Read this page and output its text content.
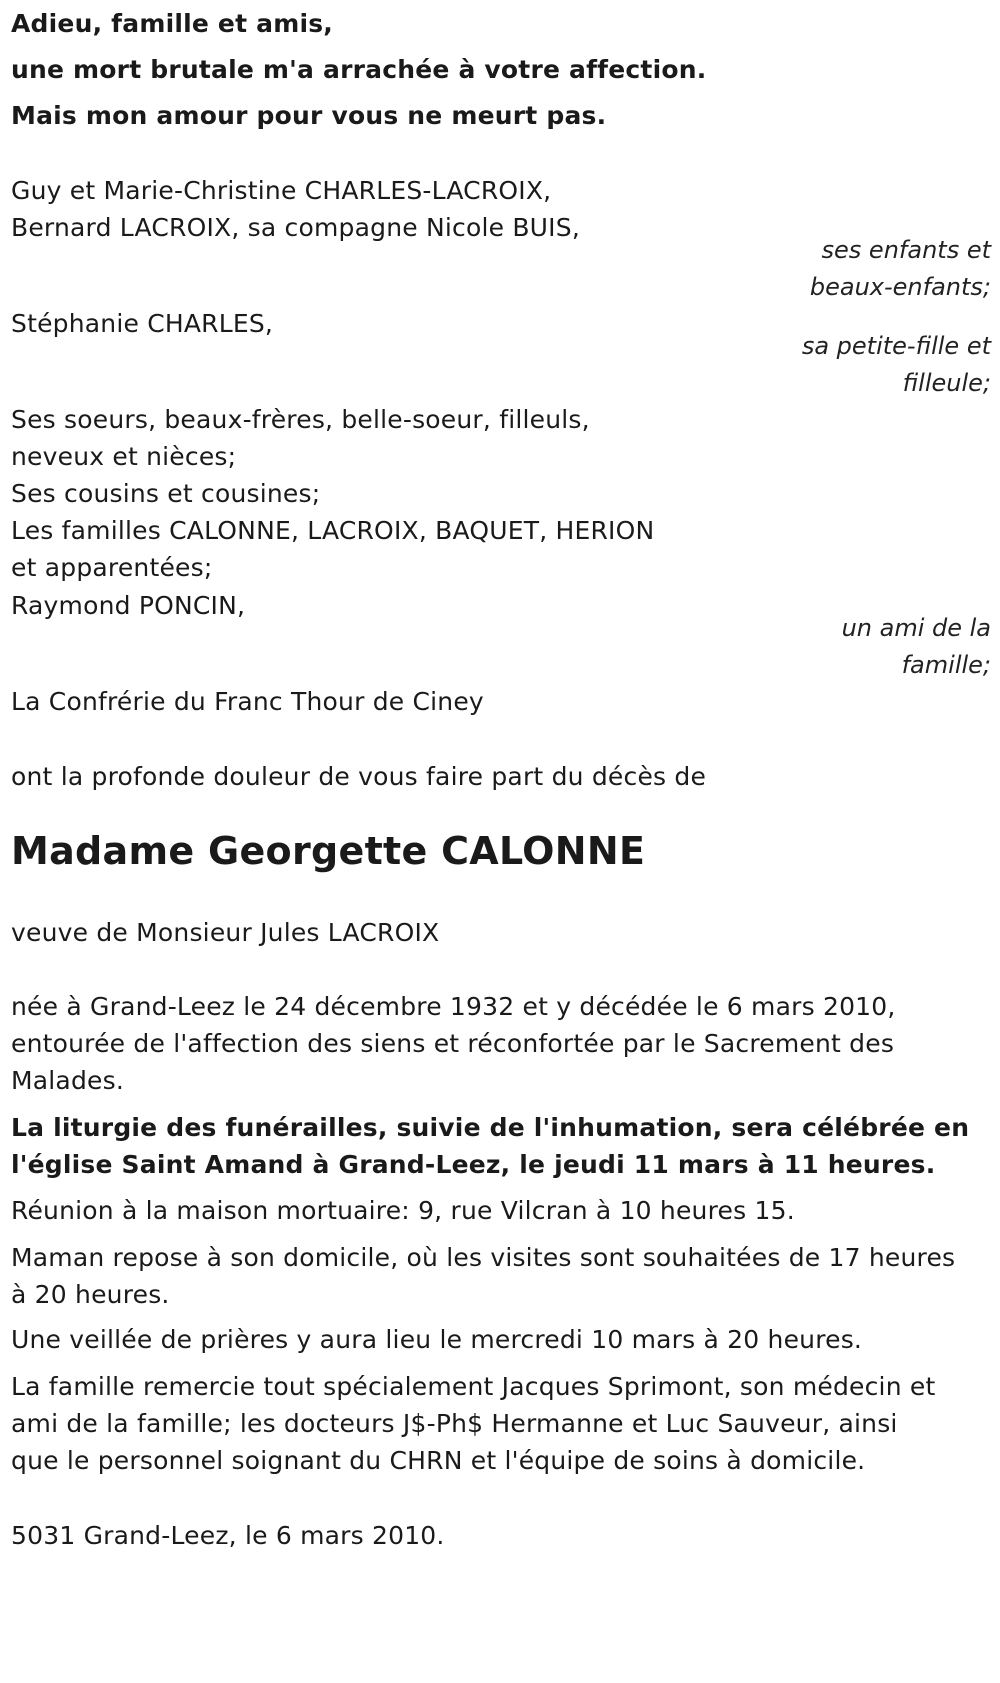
Adieu, famille et amis,
une mort brutale m'a arrachée à votre affection.
Mais mon amour pour vous ne meurt pas.
Guy et Marie-Christine CHARLES-LACROIX,
Bernard LACROIX, sa compagne Nicole BUIS,
ses enfants et
beaux-enfants;
Stéphanie CHARLES,
sa petite-fille et
filleule;
Ses soeurs, beaux-frères, belle-soeur, filleuls,
neveux et nièces;
Ses cousins et cousines;
Les familles CALONNE, LACROIX, BAQUET, HERION
et apparentées;
Raymond PONCIN,
un ami de la
famille;
La Confrérie du Franc Thour de Ciney
ont la profonde douleur de vous faire part du décès de
Madame Georgette CALONNE
veuve de Monsieur Jules LACROIX
née à Grand-Leez le 24 décembre 1932 et y décédée le 6 mars 2010,
entourée de l'affection des siens et réconfortée par le Sacrement des
Malades.
La liturgie des funérailles, suivie de l'inhumation, sera célébrée en
l'église Saint Amand à Grand-Leez, le jeudi 11 mars à 11 heures.
Réunion à la maison mortuaire: 9, rue Vilcran à 10 heures 15.
Maman repose à son domicile, où les visites sont souhaitées de 17 heures
à 20 heures.
Une veillée de prières y aura lieu le mercredi 10 mars à 20 heures.
La famille remercie tout spécialement Jacques Sprimont, son médecin et
ami de la famille; les docteurs J$-Ph$ Hermanne et Luc Sauveur, ainsi
que le personnel soignant du CHRN et l'équipe de soins à domicile.
5031 Grand-Leez, le 6 mars 2010.
